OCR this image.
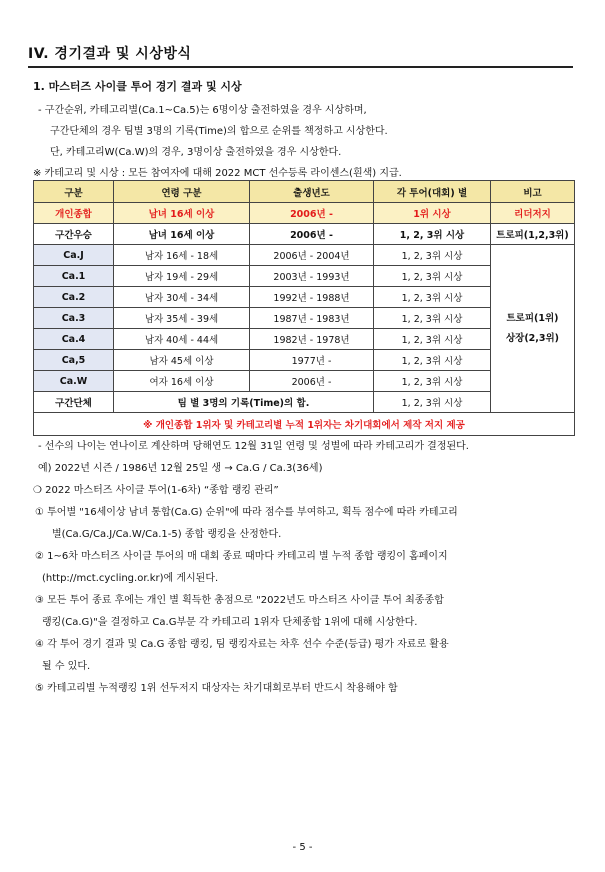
IV. 경기결과 및 시상방식
1. 마스터즈 사이클 투어 경기 결과 및 시상
- 구간순위, 카테고리별(Ca.1~Ca.5)는 6명이상 출전하였을 경우 시상하며,
구간단체의 경우 팀별 3명의 기록(Time)의 합으로 순위를 책정하고 시상한다.
단, 카테고리W(Ca.W)의 경우, 3명이상 출전하였을 경우 시상한다.
※ 카테고리 및 시상 : 모든 참여자에 대해 2022 MCT 선수등록 라이센스(흰색) 지급.
구분	연령 구분	출생년도	각 투어(대회) 별	비고
개인종합	남녀 16세 이상	2006년 -	1위 시상	리더저지
구간우승	남녀 16세 이상	2006년 -	1, 2, 3위 시상	트로피(1,2,3위)
Ca.J	남자 16세 - 18세	2006년 - 2004년	1, 2, 3위 시상	트로피(1위)
상장(2,3위)

Ca.1	남자 19세 - 29세	2003년 - 1993년	1, 2, 3위 시상	
Ca.2	남자 30세 - 34세	1992년 - 1988년	1, 2, 3위 시상	
Ca.3	남자 35세 - 39세	1987년 - 1983년	1, 2, 3위 시상	
Ca.4	남자 40세 - 44세	1982년 - 1978년	1, 2, 3위 시상	
Ca,5	남자 45세 이상	1977년 -	1, 2, 3위 시상	
Ca.W	여자 16세 이상	2006년 -	1, 2, 3위 시상	
구간단체	팀 별 3명의 기록(Time)의 합.		1, 2, 3위 시상	
※ 개인종합 1위자 및 카테고리별 누적 1위자는 차기대회에서 제작 저지 제공				
- 선수의 나이는 연나이로 계산하며 당해연도 12월 31일 연령 및 성별에 따라 카테고리가 결정된다.
예) 2022년 시즌 / 1986년 12월 25일 생 → Ca.G / Ca.3(36세)
❍ 2022 마스터즈 사이클 투어(1-6차) “종합 랭킹 관리”
① 투어별 "16세이상 남녀 통합(Ca.G) 순위"에 따라 점수를 부여하고, 획득 점수에 따라 카테고리
별(Ca.G/Ca.J/Ca.W/Ca.1-5) 종합 랭킹을 산정한다.
② 1~6차 마스터즈 사이클 투어의 매 대회 종료 때마다 카테고리 별 누적 종합 랭킹이 홈페이지
(http://mct.cycling.or.kr)에 게시된다.
③ 모든 투어 종료 후에는 개인 별 획득한 총점으로 "2022년도 마스터즈 사이클 투어 최종종합
랭킹(Ca.G)"을 결정하고 Ca.G부문 각 카테고리 1위자 단체종합 1위에 대해 시상한다.
④ 각 투어 경기 결과 및 Ca.G 종합 랭킹, 팀 랭킹자료는 차후 선수 수준(등급) 평가 자료로 활용
될 수 있다.
⑤ 카테고리별 누적랭킹 1위 선두저지 대상자는 차기대회로부터 반드시 착용해야 함
- 5 -
